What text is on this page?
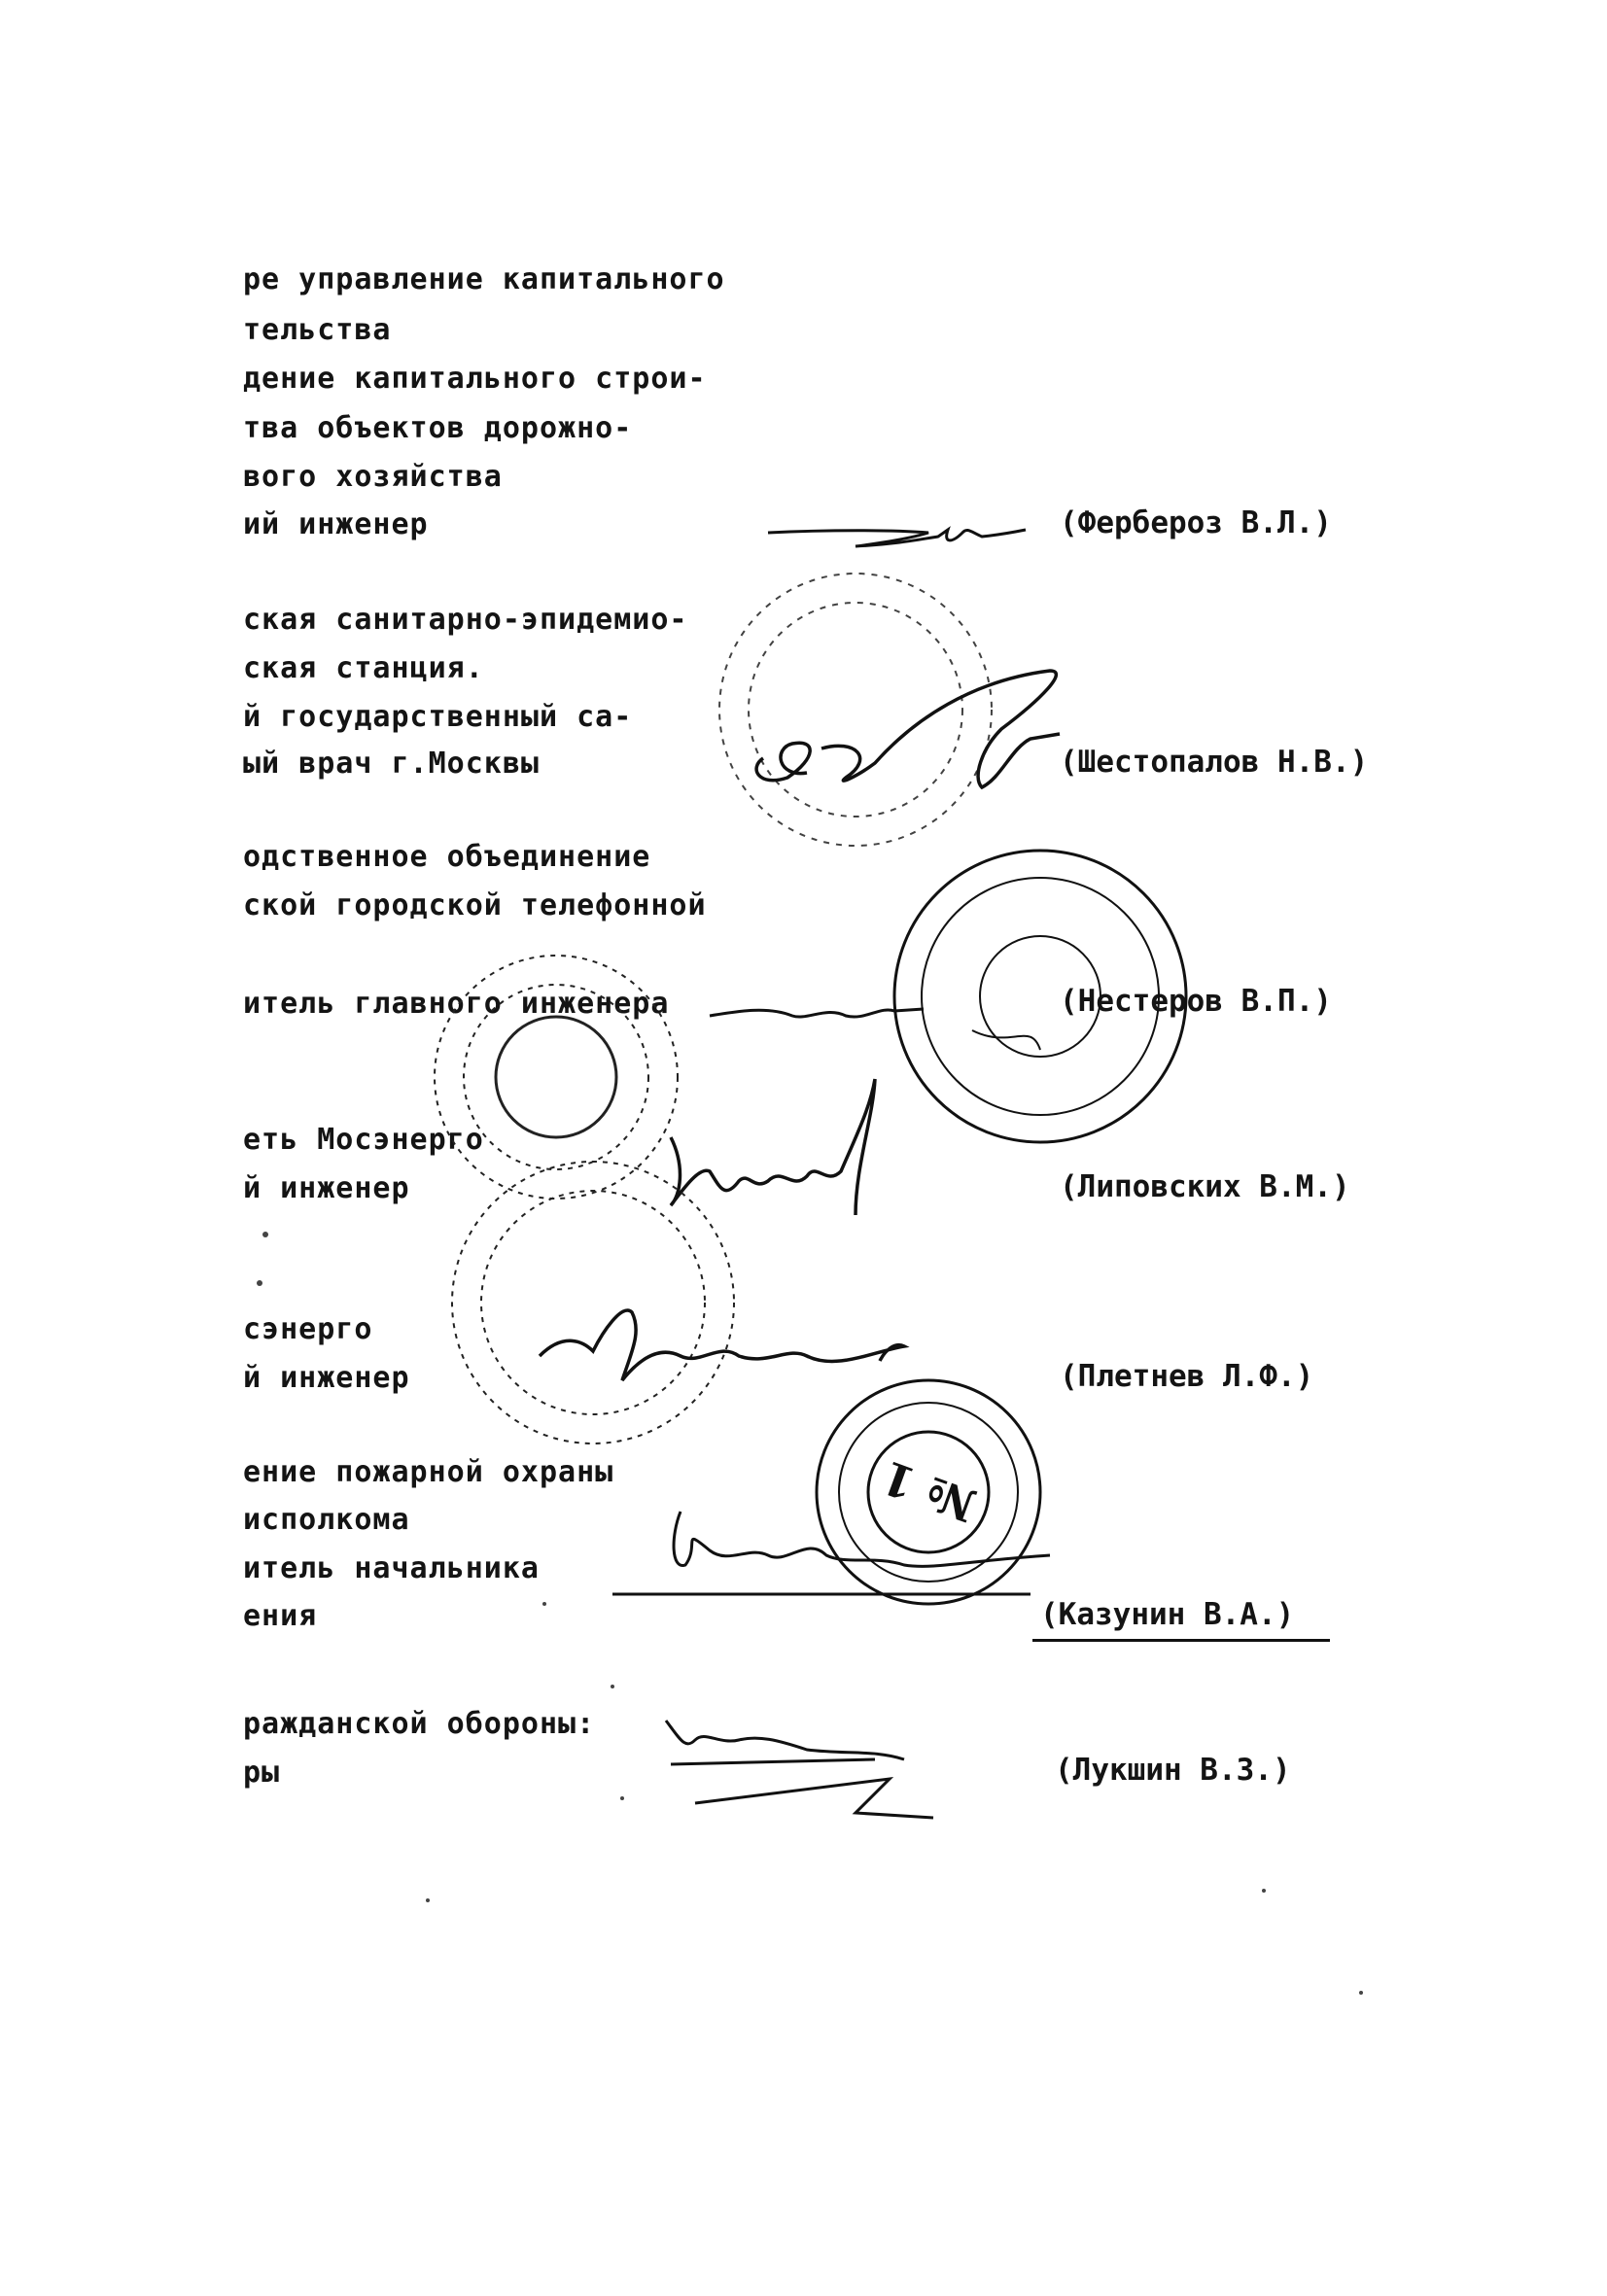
ре управление капитального
тельства
дение капитального строи-
тва объектов дорожно-
вого хозяйства
ий инженер	(Фербероз В.Л.)
ская санитарно-эпидемио-
ская станция.
й государственный са-
ый врач г.Москвы	(Шестопалов Н.В.)
одственное объединение
ской городской телефонной
итель главного инженера	(Нестеров В.П.)
еть Мосэнерго
й инженер	(Липовских В.М.)
сэнерго
й инженер	(Плетнев Л.Ф.)
ение пожарной охраны
исполкома
итель начальника
ения	(Казунин В.А.)
ражданской обороны:
ры	(Лукшин В.З.)
№ 1
